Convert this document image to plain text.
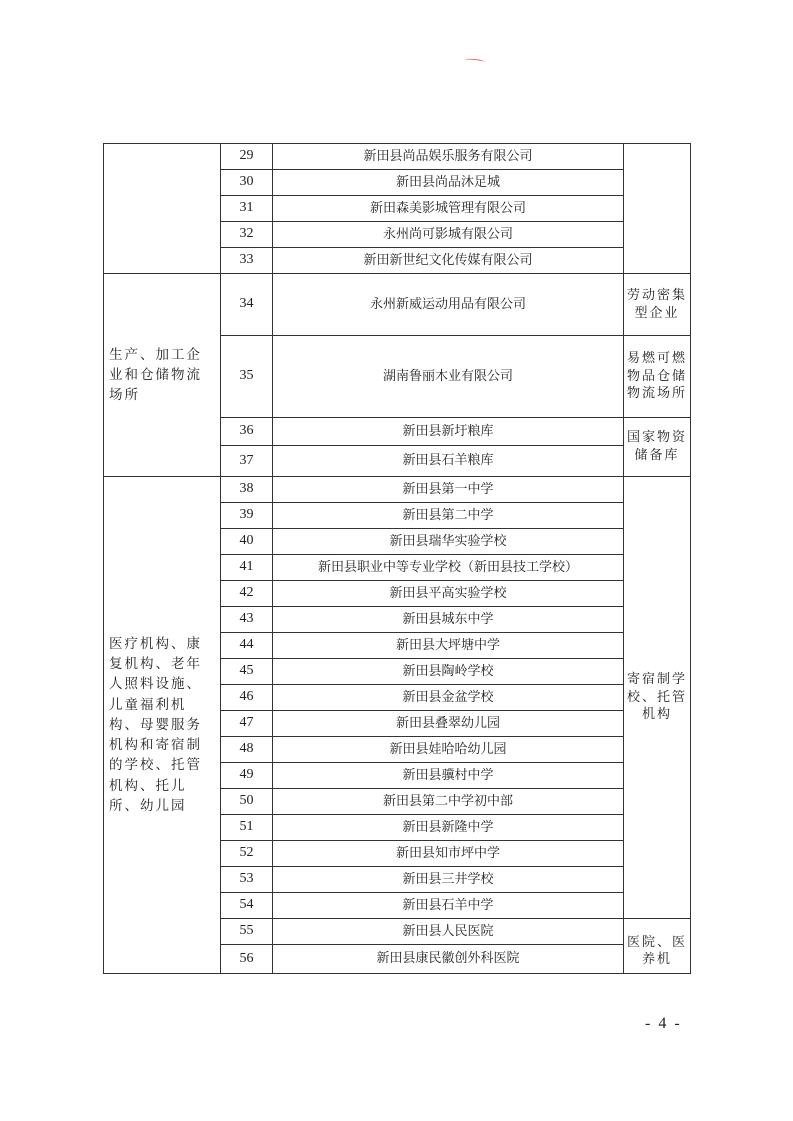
	29	新田县尚品娱乐服务有限公司	
	30	新田县尚品沐足城	
	31	新田森美影城管理有限公司	
	32	永州尚可影城有限公司	
	33	新田新世纪文化传媒有限公司	
生产、加工企业和仓储物流场所	34	永州新威运动用品有限公司	劳动密集型企业
	35	湖南鲁丽木业有限公司	易燃可燃物品仓储物流场所
	36	新田县新圩粮库	国家物资储备库
	37	新田县石羊粮库	
医疗机构、康复机构、老年人照料设施、儿童福利机构、母婴服务机构和寄宿制的学校、托管机构、托儿所、幼儿园	38	新田县第一中学	寄宿制学校、托管机构
	39	新田县第二中学	
	40	新田县瑞华实验学校	
	41	新田县职业中等专业学校（新田县技工学校）	
	42	新田县平高实验学校	
	43	新田县城东中学	
	44	新田县大坪塘中学	
	45	新田县陶岭学校	
	46	新田县金盆学校	
	47	新田县叠翠幼儿园	
	48	新田县娃哈哈幼儿园	
	49	新田县骥村中学	
	50	新田县第二中学初中部	
	51	新田县新隆中学	
	52	新田县知市坪中学	
	53	新田县三井学校	
	54	新田县石羊中学	
	55	新田县人民医院	医院、医养机
	56	新田县康民徽创外科医院	
- 4 -
